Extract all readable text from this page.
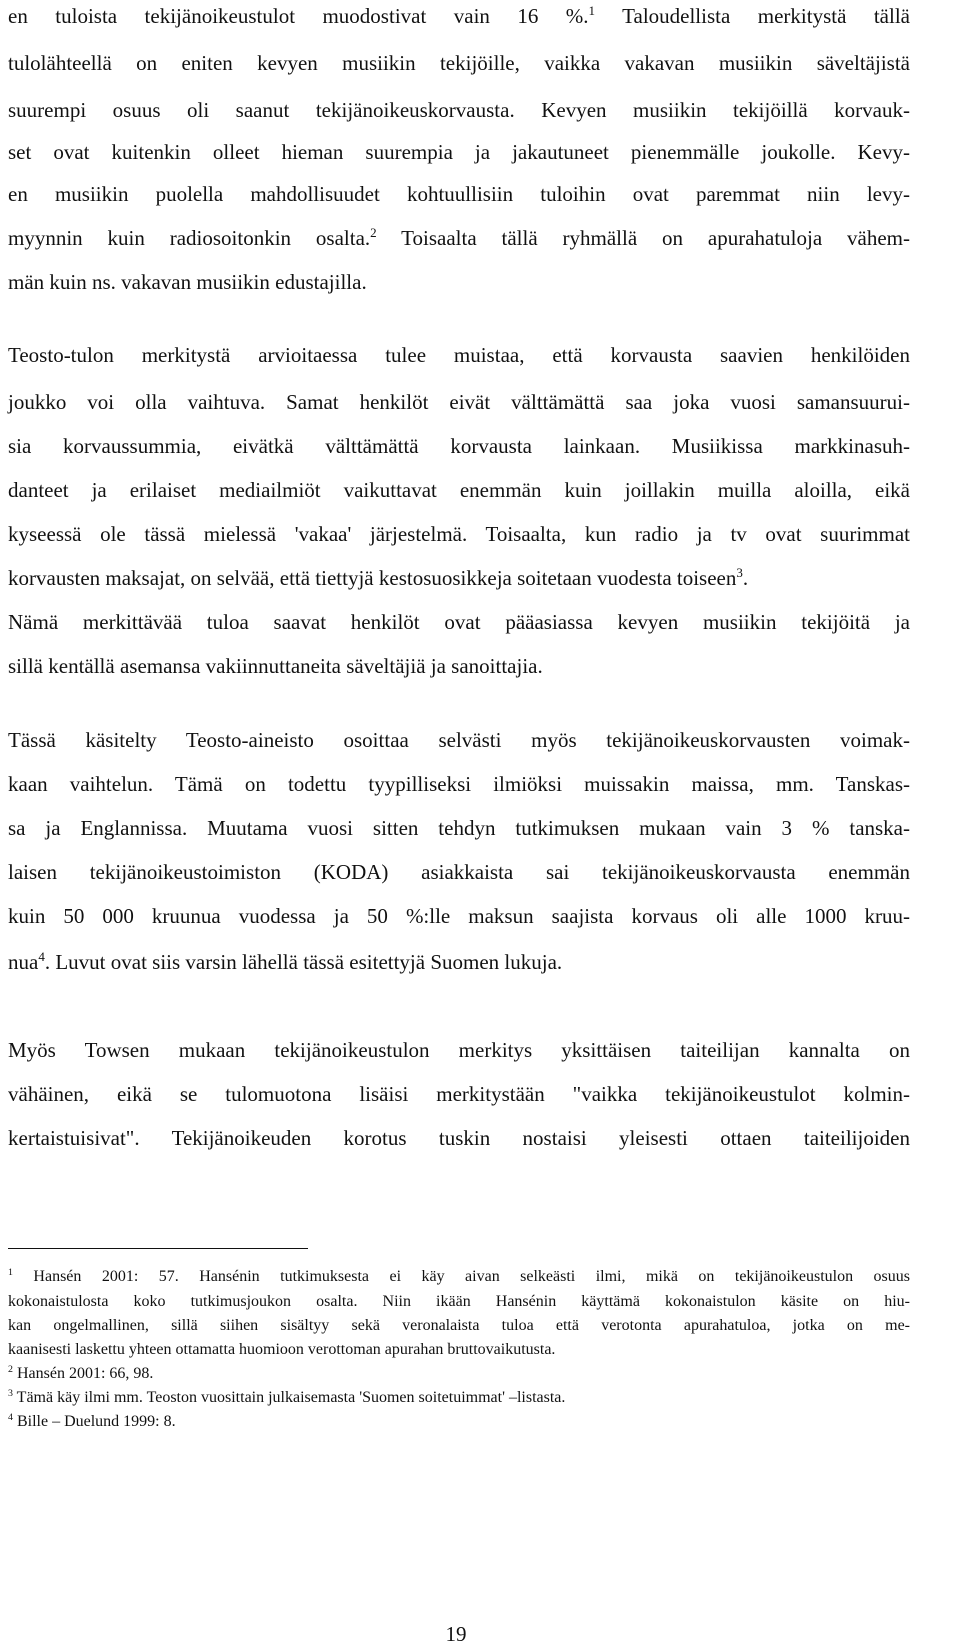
en tuloista tekijänoikeustulot muodostivat vain 16 %.$^1$ Taloudellista merkitystä tällä
tulolähteellä on eniten kevyen musiikin tekijöille, vaikka vakavan musiikin säveltäjistä
suurempi osuus oli saanut tekijänoikeuskorvausta. Kevyen musiikin tekijöillä korvauk-
set ovat kuitenkin olleet hieman suurempia ja jakautuneet pienemmälle joukolle. Kevy-
en musiikin puolella mahdollisuudet kohtuullisiin tuloihin ovat paremmat niin levy-
myynnin kuin radiosoitonkin osalta.$^2$ Toisaalta tällä ryhmällä on apurahatuloja vähem-
män kuin ns. vakavan musiikin edustajilla.
Teosto-tulon merkitystä arvioitaessa tulee muistaa, että korvausta saavien henkilöiden
joukko voi olla vaihtuva. Samat henkilöt eivät välttämättä saa joka vuosi samansuurui-
sia korvaussummia, eivätkä välttämättä korvausta lainkaan. Musiikissa markkinasuh-
danteet ja erilaiset mediailmiöt vaikuttavat enemmän kuin joillakin muilla aloilla, eikä
kyseessä ole tässä mielessä 'vakaa' järjestelmä. Toisaalta, kun radio ja tv ovat suurimmat
korvausten maksajat, on selvää, että tiettyjä kestosuosikkeja soitetaan vuodesta toiseen$^3$.
Nämä merkittävää tuloa saavat henkilöt ovat pääasiassa kevyen musiikin tekijöitä ja
sillä kentällä asemansa vakiinnuttaneita säveltäjiä ja sanoittajia.
Tässä käsitelty Teosto-aineisto osoittaa selvästi myös tekijänoikeuskorvausten voimak-
kaan vaihtelun. Tämä on todettu tyypilliseksi ilmiöksi muissakin maissa, mm. Tanskas-
sa ja Englannissa. Muutama vuosi sitten tehdyn tutkimuksen mukaan vain 3 % tanska-
laisen tekijänoikeustoimiston (KODA) asiakkaista sai tekijänoikeuskorvausta enemmän
kuin 50 000 kruunua vuodessa ja 50 %:lle maksun saajista korvaus oli alle 1000 kruu-
nua$^4$. Luvut ovat siis varsin lähellä tässä esitettyjä Suomen lukuja.
Myös Towsen mukaan tekijänoikeustulon merkitys yksittäisen taiteilijan kannalta on
vähäinen, eikä se tulomuotona lisäisi merkitystään "vaikka tekijänoikeustulot kolmin-
kertaistuisivat". Tekijänoikeuden korotus tuskin nostaisi yleisesti ottaen taiteilijoiden
$^1$ Hansén 2001: 57. Hansénin tutkimuksesta ei käy aivan selkeästi ilmi, mikä on tekijänoikeustulon osuus
kokonaistulosta koko tutkimusjoukon osalta. Niin ikään Hansénin käyttämä kokonaistulon käsite on hiu-
kan ongelmallinen, sillä siihen sisältyy sekä veronalaista tuloa että verotonta apurahatuloa, jotka on me-
kaanisesti laskettu yhteen ottamatta huomioon verottoman apurahan bruttovaikutusta.
$^2$ Hansén 2001: 66, 98.
$^3$ Tämä käy ilmi mm. Teoston vuosittain julkaisemasta 'Suomen soitetuimmat' –listasta.
$^4$ Bille – Duelund 1999: 8.
19
